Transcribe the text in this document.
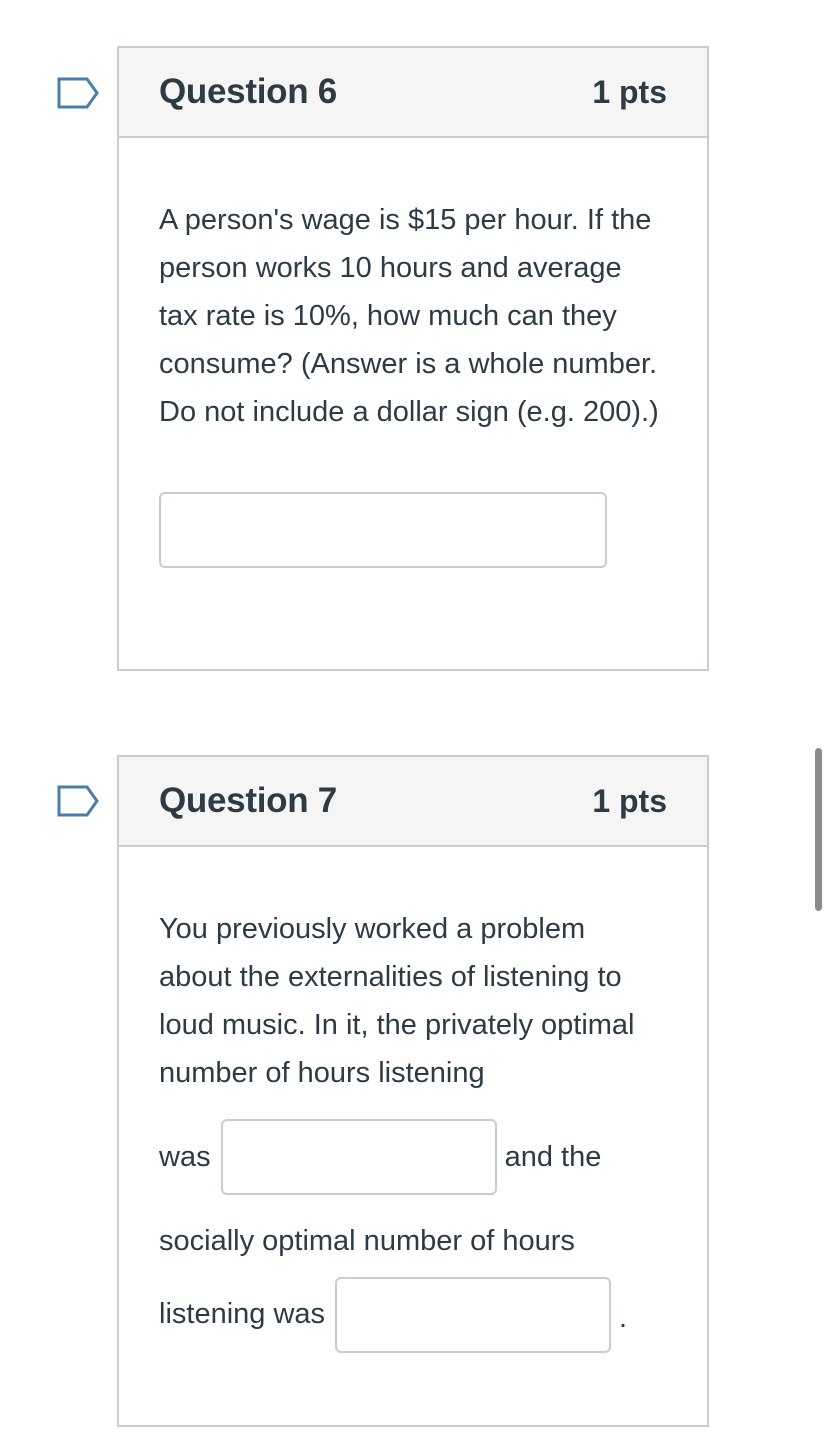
Question 6	1 pts
A person's wage is $15 per hour. If the person works 10 hours and average tax rate is 10%, how much can they consume? (Answer is a whole number. Do not include a dollar sign (e.g. 200).)
Question 7	1 pts
You previously worked a problem about the externalities of listening to loud music. In it, the privately optimal number of hours listening
was	and the
socially optimal number of hours
listening was	.
